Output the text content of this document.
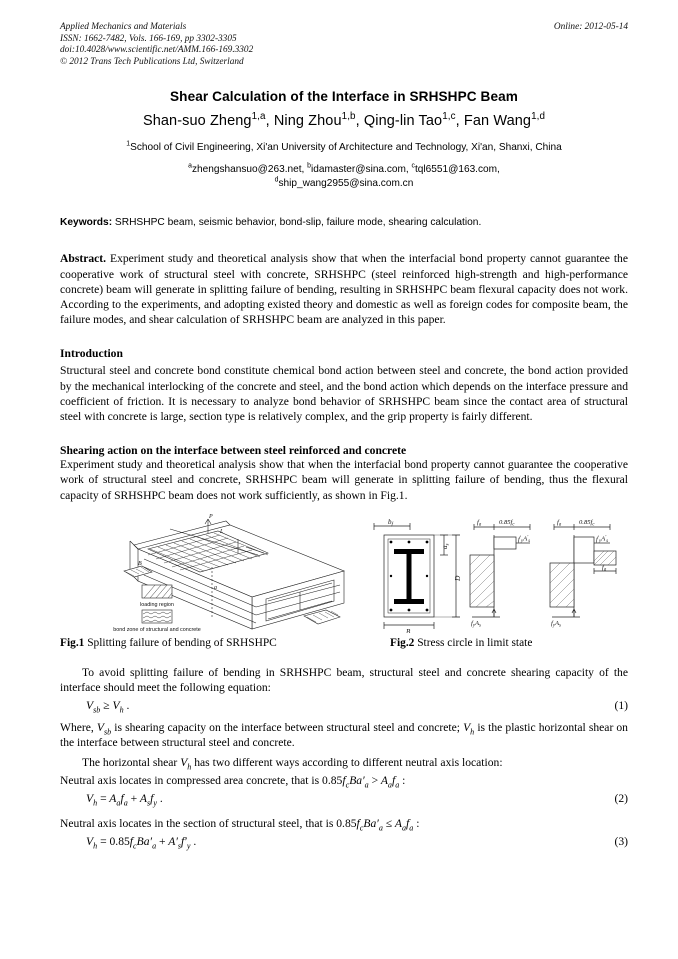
Applied Mechanics and Materials
ISSN: 1662-7482, Vols. 166-169, pp 3302-3305
doi:10.4028/www.scientific.net/AMM.166-169.3302
© 2012 Trans Tech Publications Ltd, Switzerland
Online: 2012-05-14
Shear Calculation of the Interface in SRHSHPC Beam
Shan-suo Zheng$^{1,a}$, Ning Zhou$^{1,b}$, Qing-lin Tao$^{1,c}$, Fan Wang$^{1,d}$
$^1$School of Civil Engineering, Xi'an University of Architecture and Technology, Xi'an, Shanxi, China
$^a$zhengshansuo@263.net, $^b$idamaster@sina.com, $^c$tql6551@163.com,
$^d$ship_wang2955@sina.com.cn
Keywords: SRHSHPC beam, seismic behavior, bond-slip, failure mode, shearing calculation.
Abstract. Experiment study and theoretical analysis show that when the interfacial bond property cannot guarantee the cooperative work of structural steel with concrete, SRHSHPC (steel reinforced high-strength and high-performance concrete) beam will generate in splitting failure of bending, resulting in SRHSHPC beam flexural capacity does not work. According to the experiments, and adopting existed theory and domestic as well as foreign codes for composite beam, the failure modes, and shear calculation of SRHSHPC beam are analyzed in this paper.
Introduction

Structural steel and concrete bond constitute chemical bond action between steel and concrete, the bond action provided by the mechanical interlocking of the concrete and steel, and the bond action which depends on the interface pressure and coefficient of friction. It is necessary to analyze bond behavior of SRHSHPC beam since the contact area of structural steel with concrete is large, section type is relatively complex, and the grip property is fairly different.

Shearing action on the interface between steel reinforced and concrete

Experiment study and theoretical analysis show that when the interfacial bond property cannot guarantee the cooperative work of structural steel and concrete, SRHSHPC beam will generate in splitting failure of bending, thus the flexural capacity of SRHSHPC beam does not work sufficiently, as shown in Fig.1.

L
P
a
B
loading region
bond zone of structural and concrete
$b_f$
B
$a_s$
D
$f_a$	$0.85f_c$
$f'_yA'_s$
$f_yA_s$
$f_a$	$0.85f_c$
$f'_yA'_s$
$f_a$
$f_yA_s$
Fig.1 Splitting failure of bending of SRHSHPC	Fig.2 Stress circle in limit state

To avoid splitting failure of bending in SRHSHPC beam, structural steel and concrete shearing capacity of the interface should meet the following equation:

$V_{sb} \ge V_h$ .	(1)

Where, $V_{sb}$ is shearing capacity on the interface between structural steel and concrete; $V_h$ is the plastic horizontal shear on the interface between structural steel and concrete.

The horizontal shear $V_h$ has two different ways according to different neutral axis location:

Neutral axis locates in compressed area concrete, that is $0.85f_cBa'_a > A_af_a$ :

$V_h = A_af_a + A_sf_y$ .	(2)

Neutral axis locates in the section of structural steel, that is $0.85f_cBa'_a \le A_af_a$ :

$V_h = 0.85f_cBa'_a + A'_sf'_y$ .	(3)
